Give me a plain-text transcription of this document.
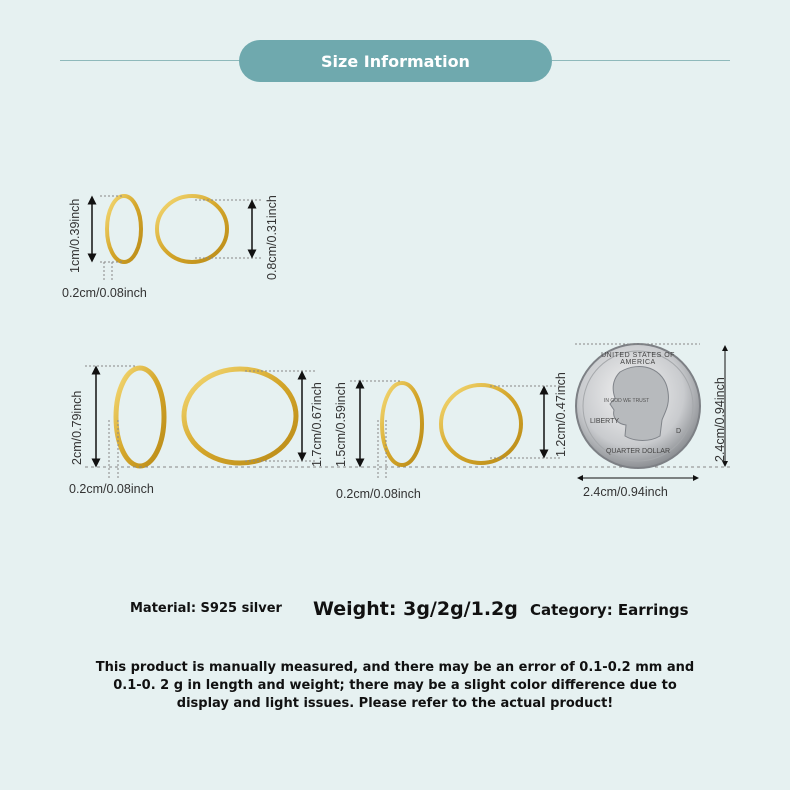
Size Information
UNITED STATES OF AMERICA
LIBERTY
IN GOD WE TRUST
D
QUARTER DOLLAR
1cm/0.39inch	0.8cm/0.31inch
0.2cm/0.08inch
2cm/0.79inch	1.7cm/0.67inch
0.2cm/0.08inch
1.5cm/0.59inch	1.2cm/0.47inch
0.2cm/0.08inch
2.4cm/0.94inch
2.4cm/0.94inch
Material: S925 silver Weight: 3g/2g/1.2g Category: Earrings
This product is manually measured, and there may be an error of 0.1-0.2 mm and 0.1-0. 2 g in length and weight; there may be a slight color difference due to display and light issues. Please refer to the actual product!
